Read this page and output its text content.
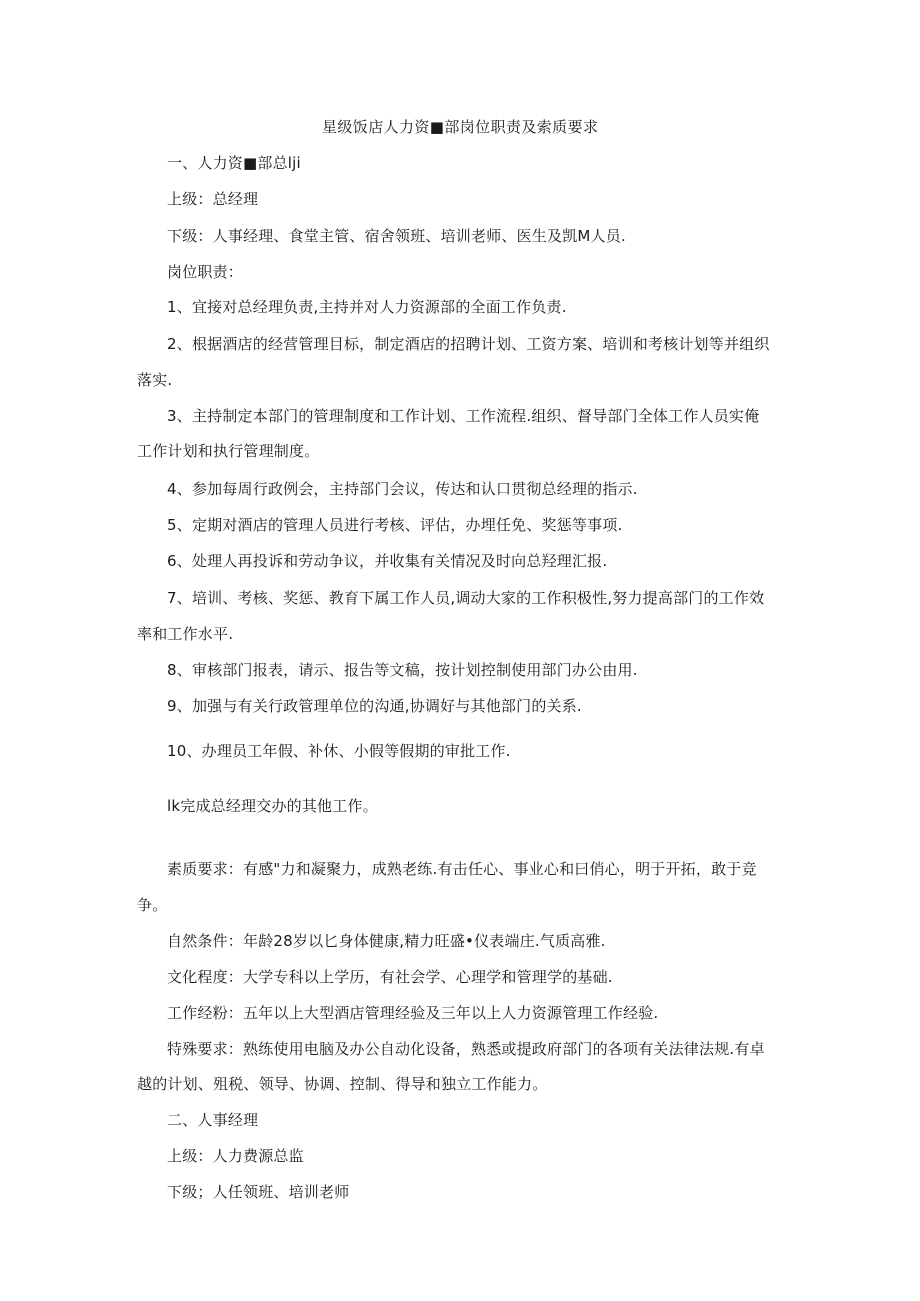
星级饭店人力资■部岗位职责及索质要求
一、人力资■部总lji
上级：总经理
下级：人事经理、食堂主管、宿舍领班、培训老师、医生及凯M人员.
岗位职责：
1、宜接对总经理负责,主持并对人力资源部的全面工作负责.
2、根据酒店的经营管理目标，制定酒店的招聘计划、工资方案、培训和考核计划等并组织
落实.
3、主持制定本部门的管理制度和工作计划、工作流程.组织、督导部门全体工作人员实俺
工作计划和执行管理制度。
4、参加每周行政例会，主持部门会议，传达和认口贯彻总经理的指示.
5、定期对酒店的管理人员进行考核、评估，办埋任免、奖惩等事项.
6、处理人再投诉和劳动争议，并收集有关情况及时向总羟理汇报.
7、培训、考核、奖惩、教育下属工作人员,调动大家的工作积极性,努力提高部门的工作效
率和工作水平.
8、审核部门报表，请示、报告等文稿，按计划控制使用部门办公由用.
9、加强与有关行政管理单位的沟通,协调好与其他部门的关系.
10、办理员工年假、补休、小假等假期的审批工作.
lk完成总经理交办的其他工作。
素质要求：有感"力和凝聚力，成熟老练.有击任心、事业心和曰俏心，明于开拓，敢于竞
争。
自然条件：年龄28岁以匕身体健康,精力旺盛•仪表端庄.气质高雅.
文化程度：大学专科以上学历，有社会学、心理学和管理学的基础.
工作经粉：五年以上大型酒店管理经验及三年以上人力资源管理工作经验.
特殊要求：熟练使用电脑及办公自动化设备，熟悉或提政府部门的各项有关法律法规.有卓
越的计划、殂税、领导、协调、控制、得导和独立工作能力。
二、人事经理
上级：人力费源总监
下级；人任领班、培训老师
